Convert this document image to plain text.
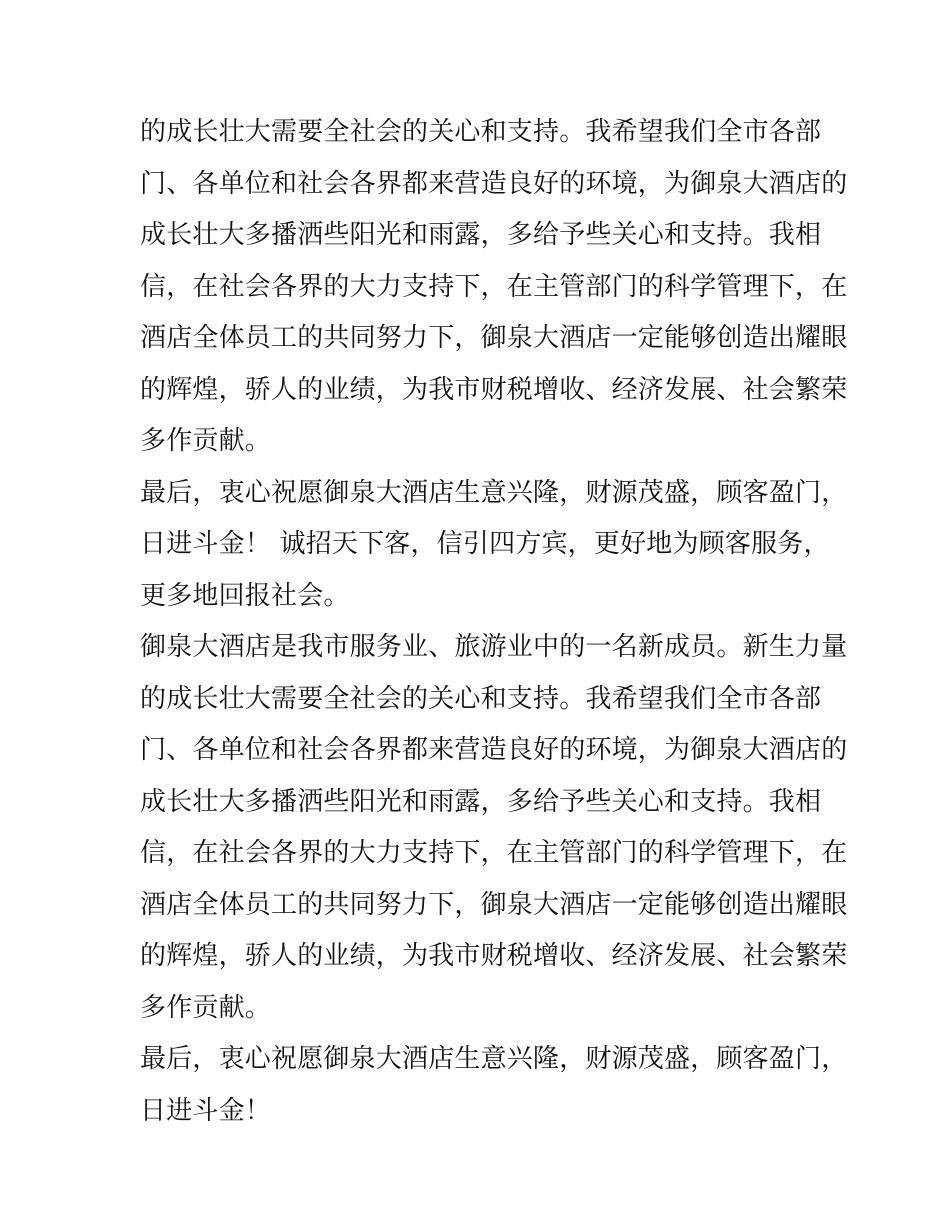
的成长壮大需要全社会的关心和支持。我希望我们全市各部
门、各单位和社会各界都来营造良好的环境，为御泉大酒店的
成长壮大多播洒些阳光和雨露，多给予些关心和支持。我相
信，在社会各界的大力支持下，在主管部门的科学管理下，在
酒店全体员工的共同努力下，御泉大酒店一定能够创造出耀眼
的辉煌，骄人的业绩，为我市财税增收、经济发展、社会繁荣
多作贡献。
最后，衷心祝愿御泉大酒店生意兴隆，财源茂盛，顾客盈门，
日进斗金！ 诚招天下客，信引四方宾，更好地为顾客服务，
更多地回报社会。
御泉大酒店是我市服务业、旅游业中的一名新成员。新生力量
的成长壮大需要全社会的关心和支持。我希望我们全市各部
门、各单位和社会各界都来营造良好的环境，为御泉大酒店的
成长壮大多播洒些阳光和雨露，多给予些关心和支持。我相
信，在社会各界的大力支持下，在主管部门的科学管理下，在
酒店全体员工的共同努力下，御泉大酒店一定能够创造出耀眼
的辉煌，骄人的业绩，为我市财税增收、经济发展、社会繁荣
多作贡献。
最后，衷心祝愿御泉大酒店生意兴隆，财源茂盛，顾客盈门，
日进斗金！
